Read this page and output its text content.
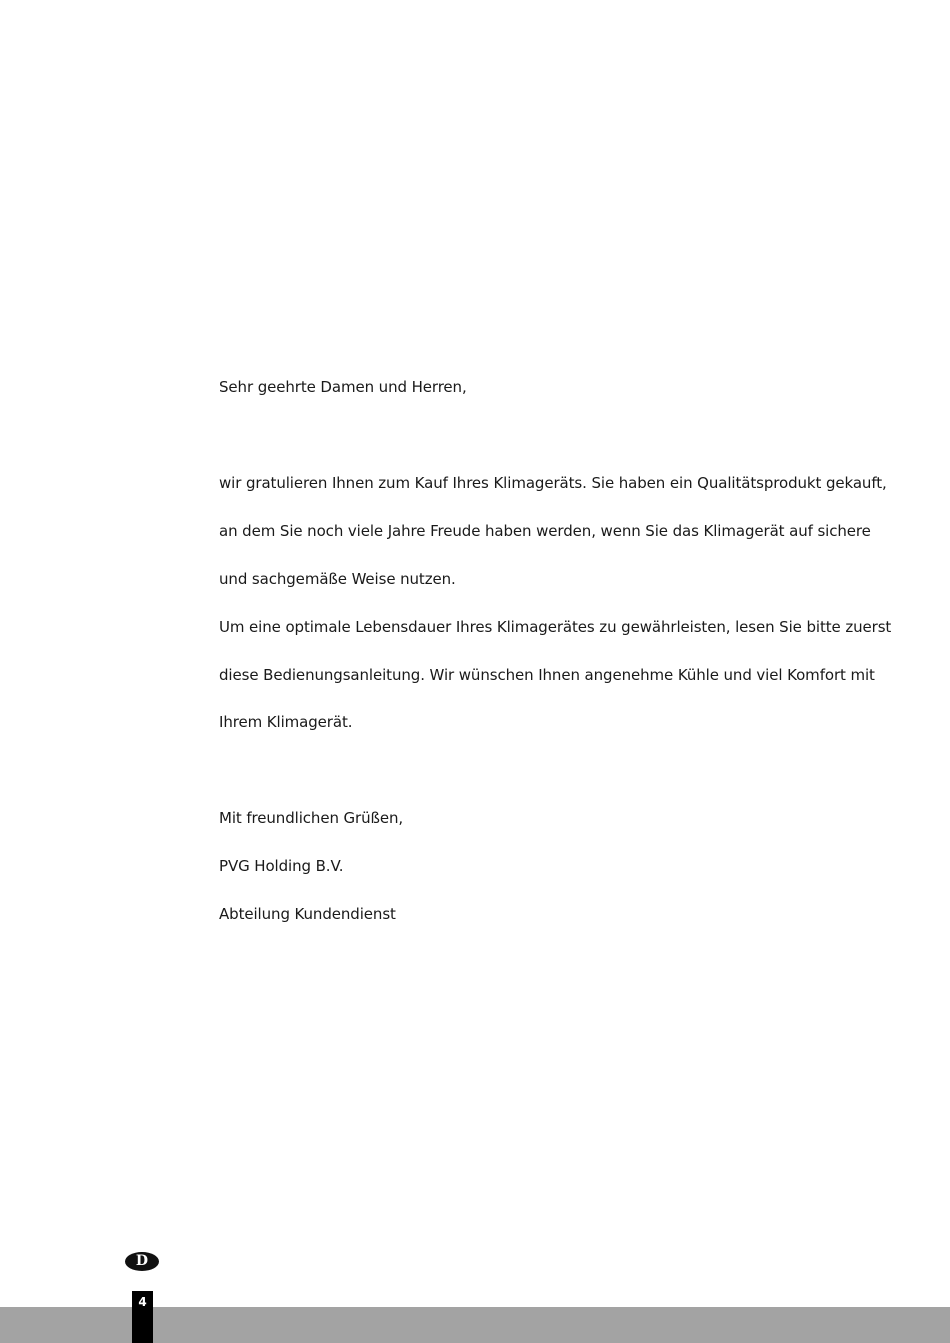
Sehr geehrte Damen und Herren,
wir gratulieren Ihnen zum Kauf Ihres Klimageräts. Sie haben ein Qualitätsprodukt gekauft,
an dem Sie noch viele Jahre Freude haben werden, wenn Sie das Klimagerät auf sichere
und sachgemäße Weise nutzen.
Um eine optimale Lebensdauer Ihres Klimagerätes zu gewährleisten, lesen Sie bitte zuerst
diese Bedienungsanleitung. Wir wünschen Ihnen angenehme Kühle und viel Komfort mit
Ihrem Klimagerät.
Mit freundlichen Grüßen,
PVG Holding B.V.
Abteilung Kundendienst
D
4
